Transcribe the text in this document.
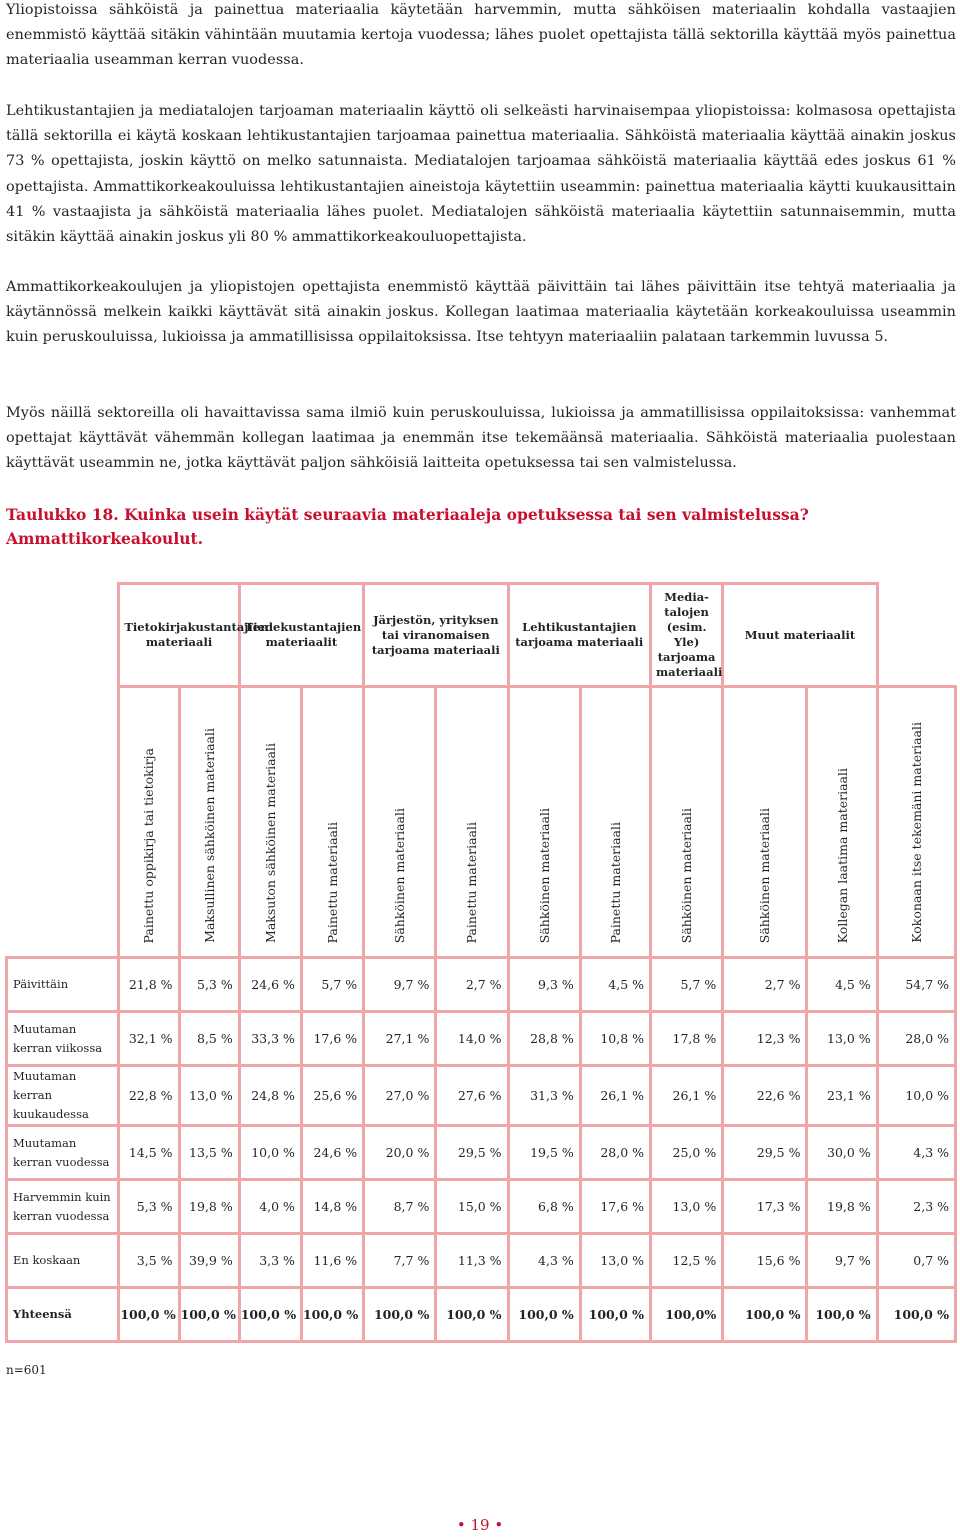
Yliopistoissa sähköistä ja painettua materiaalia käytetään harvemmin, mutta sähköisen materiaalin kohdalla vastaajien enemmistö käyttää sitäkin vähintään muutamia kertoja vuodessa; lähes puolet opettajista tällä sektorilla käyttää myös painettua materiaalia useamman kerran vuodessa.

Lehtikustantajien ja mediatalojen tarjoaman materiaalin käyttö oli selkeästi harvinaisempaa yliopistoissa: kolmasosa opettajista tällä sektorilla ei käytä koskaan lehtikustantajien tarjoamaa painettua materiaalia. Sähköistä materiaalia käyttää ainakin joskus 73 % opettajista, joskin käyttö on melko satunnaista. Mediatalojen tarjoamaa sähköistä materiaalia käyttää edes joskus 61 % opettajista. Ammattikorkeakouluissa lehtikustantajien aineistoja käytettiin useammin: painettua materiaalia käytti kuukausittain 41 % vastaajista ja sähköistä materiaalia lähes puolet. Mediatalojen sähköistä materiaalia käytettiin satunnaisemmin, mutta sitäkin käyttää ainakin joskus yli 80 % ammattikorkeakouluopettajista.

Ammattikorkeakoulujen ja yliopistojen opettajista enemmistö käyttää päivittäin tai lähes päivittäin itse tehtyä materiaalia ja käytännössä melkein kaikki käyttävät sitä ainakin joskus. Kollegan laatimaa materiaalia käytetään korkeakouluissa useammin kuin peruskouluissa, lukioissa ja ammatillisissa oppilaitoksissa. Itse tehtyyn materiaaliin palataan tarkemmin luvussa 5.

Myös näillä sektoreilla oli havaittavissa sama ilmiö kuin peruskouluissa, lukioissa ja ammatillisissa oppilaitoksissa: vanhemmat opettajat käyttävät vähemmän kollegan laatimaa ja enemmän itse tekemäänsä materiaalia. Sähköistä materiaalia puolestaan käyttävät useammin ne, jotka käyttävät paljon sähköisiä laitteita opetuksessa tai sen valmistelussa.

Taulukko 18. Kuinka usein käytät seuraavia materiaaleja opetuksessa tai sen valmistelussa?
Ammattikorkeakoulut.
	Tietokirjakustantajien materiaali		Tiedekustantajien materiaalit		Järjestön, yrityksen tai viranomaisen tarjoama materiaali		Lehtikustantajien tarjoama materiaali		Media-talojen (esim. Yle) tarjoama materiaali	Muut materiaalit		
	Painettu oppikirja tai tietokirja	Maksullinen sähköinen materiaali	Maksuton sähköinen materiaali	Painettu materiaali	Sähköinen materiaali	Painettu materiaali	Sähköinen materiaali	Painettu materiaali	Sähköinen materiaali	Sähköinen materiaali	Kollegan laatima materiaali	Kokonaan itse tekemäni materiaali
Päivittäin	21,8 %	5,3 %	24,6 %	5,7 %	9,7 %	2,7 %	9,3 %	4,5 %	5,7 %	2,7 %	4,5 %	54,7 %
Muutaman kerran viikossa	32,1 %	8,5 %	33,3 %	17,6 %	27,1 %	14,0 %	28,8 %	10,8 %	17,8 %	12,3 %	13,0 %	28,0 %
Muutaman kerran kuukaudessa	22,8 %	13,0 %	24,8 %	25,6 %	27,0 %	27,6 %	31,3 %	26,1 %	26,1 %	22,6 %	23,1 %	10,0 %
Muutaman kerran vuodessa	14,5 %	13,5 %	10,0 %	24,6 %	20,0 %	29,5 %	19,5 %	28,0 %	25,0 %	29,5 %	30,0 %	4,3 %
Harvemmin kuin kerran vuodessa	5,3 %	19,8 %	4,0 %	14,8 %	8,7 %	15,0 %	6,8 %	17,6 %	13,0 %	17,3 %	19,8 %	2,3 %
En koskaan	3,5 %	39,9 %	3,3 %	11,6 %	7,7 %	11,3 %	4,3 %	13,0 %	12,5 %	15,6 %	9,7 %	0,7 %
Yhteensä	100,0 %	100,0 %	100,0 %	100,0 %	100,0 %	100,0 %	100,0 %	100,0 %	100,0%	100,0 %	100,0 %	100,0 %
n=601
• 19 •
